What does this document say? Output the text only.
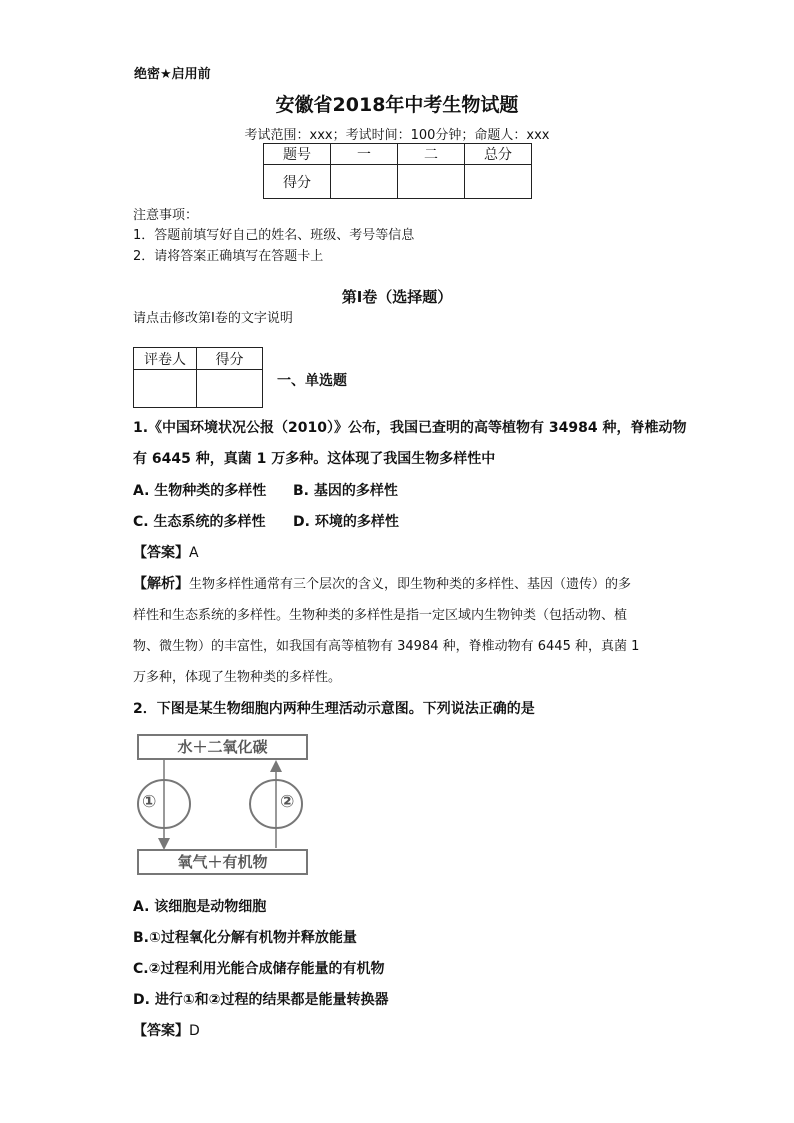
绝密★启用前
安徽省2018年中考生物试题
考试范围：xxx；考试时间：100分钟；命题人：xxx
题号	一	二	总分
得分			
注意事项：
1．答题前填写好自己的姓名、班级、考号等信息
2．请将答案正确填写在答题卡上
第I卷（选择题）
请点击修改第I卷的文字说明
评卷人	得分

一、单选题
1.《中国环境状况公报（2010）》公布，我国已查明的高等植物有 34984 种，脊椎动物
有 6445 种，真菌 1 万多种。这体现了我国生物多样性中
A. 生物种类的多样性 B. 基因的多样性
C. 生态系统的多样性 D. 环境的多样性
【答案】A
【解析】生物多样性通常有三个层次的含义，即生物种类的多样性、基因（遗传）的多
样性和生态系统的多样性。生物种类的多样性是指一定区域内生物钟类（包括动物、植
物、微生物）的丰富性，如我国有高等植物有 34984 种，脊椎动物有 6445 种，真菌 1
万多种，体现了生物种类的多样性。
2．下图是某生物细胞内两种生理活动示意图。下列说法正确的是
水＋二氧化碳
氧气＋有机物
①	②
A. 该细胞是动物细胞
B.①过程氧化分解有机物并释放能量
C.②过程利用光能合成储存能量的有机物
D. 进行①和②过程的结果都是能量转换器
【答案】D
